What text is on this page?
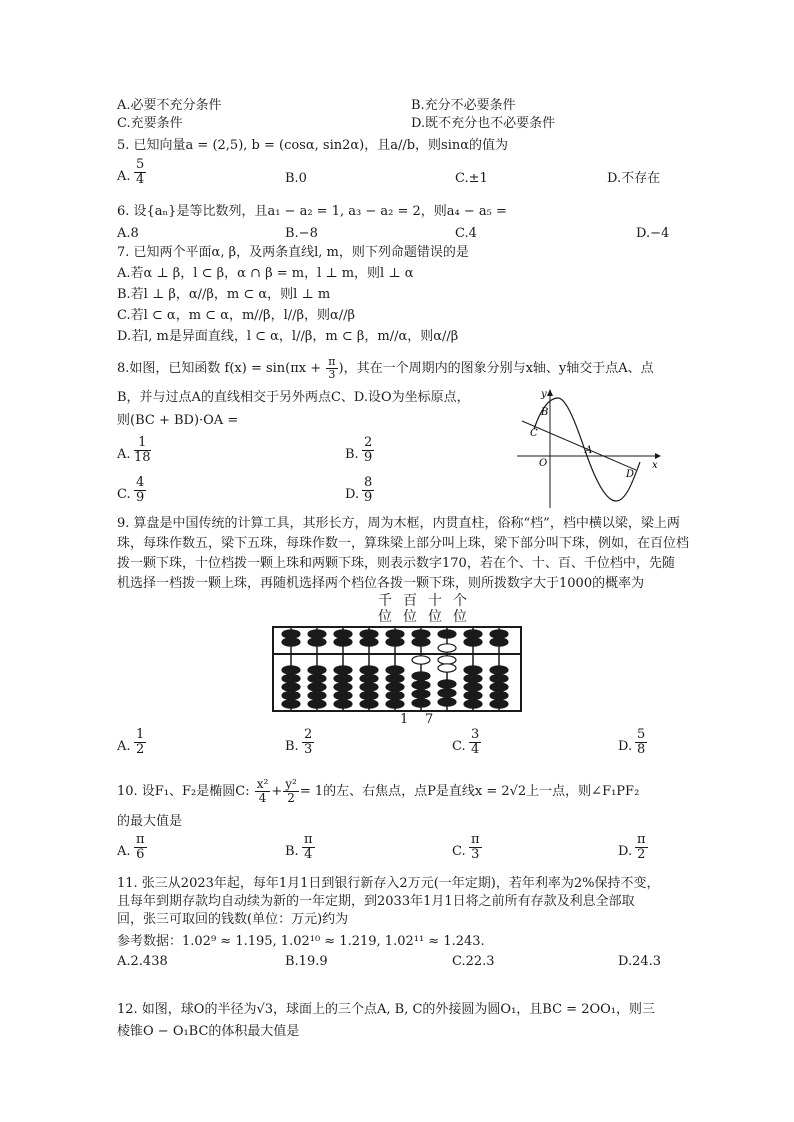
A.必要不充分条件	B.充分不必要条件
C.充要条件	D.既不充分也不必要条件
5. 已知向量a = (2,5), b = (cosα, sin2α)，且a//b，则sinα的值为
A. $\frac{5}{4}$	B.0	C.±1	D.不存在
6. 设{aₙ}是等比数列，且a₁ − a₂ = 1, a₃ − a₂ = 2，则a₄ − a₅ =
A.8	B.−8	C.4	D.−4
7. 已知两个平面α, β，及两条直线l, m，则下列命题错误的是
A.若α ⊥ β，l ⊂ β，α ∩ β = m，l ⊥ m，则l ⊥ α
B.若l ⊥ β，α//β，m ⊂ α，则l ⊥ m
C.若l ⊂ α，m ⊂ α，m//β，l//β，则α//β
D.若l, m是异面直线，l ⊂ α，l//β，m ⊂ β，m//α，则α//β
8.如图，已知函数 $f(x) = \sin(\pi x + \frac{\pi}{3}$ )，其在一个周期内的图象分别与x轴、y轴交于点A、点
B，并与过点A的直线相交于另外两点C、D.设O为坐标原点，
则(BC + BD)·OA =
A. $\frac{1}{18}$	B. $\frac{2}{9}$
C. $\frac{4}{9}$	D. $\frac{8}{9}$
y
x
O
A
B
C
D
9. 算盘是中国传统的计算工具，其形长方，周为木框，内贯直柱，俗称“档”，档中横以梁，梁上两
珠，每珠作数五，梁下五珠，每珠作数一，算珠梁上部分叫上珠，梁下部分叫下珠，例如，在百位档
拨一颗下珠，十位档拨一颗上珠和两颗下珠，则表示数字170，若在个、十、百、千位档中，先随
机选择一档拨一颗上珠，再随机选择两个档位各拨一颗下珠，则所拨数字大于1000的概率为
千 百 十 个
位 位 位 位
1 7
A. $\frac{1}{2}$	B. $\frac{2}{3}$	C. $\frac{3}{4}$	D. $\frac{5}{8}$
10. 设F₁、F₂是椭圆C: $\frac{\text{x²}}{4} + \frac{\text{y²}}{2} = 1$的左、右焦点，点P是直线x = 2√2上一点，则∠F₁PF₂
的最大值是
A. $\frac{\pi}{6}$	B. $\frac{\pi}{4}$	C. $\frac{\pi}{3}$	D. $\frac{\pi}{2}$
11. 张三从2023年起，每年1月1日到银行新存入2万元(一年定期)，若年利率为2%保持不变，
且每年到期存款均自动续为新的一年定期，到2033年1月1日将之前所有存款及利息全部取
回，张三可取回的钱数(单位：万元)约为
参考数据：1.02⁹ ≈ 1.195, 1.02¹⁰ ≈ 1.219, 1.02¹¹ ≈ 1.243.
A.2.438	B.19.9	C.22.3	D.24.3
12. 如图，球O的半径为√3，球面上的三个点A, B, C的外接圆为圆O₁，且BC = 2OO₁，则三
棱锥O − O₁BC的体积最大值是
